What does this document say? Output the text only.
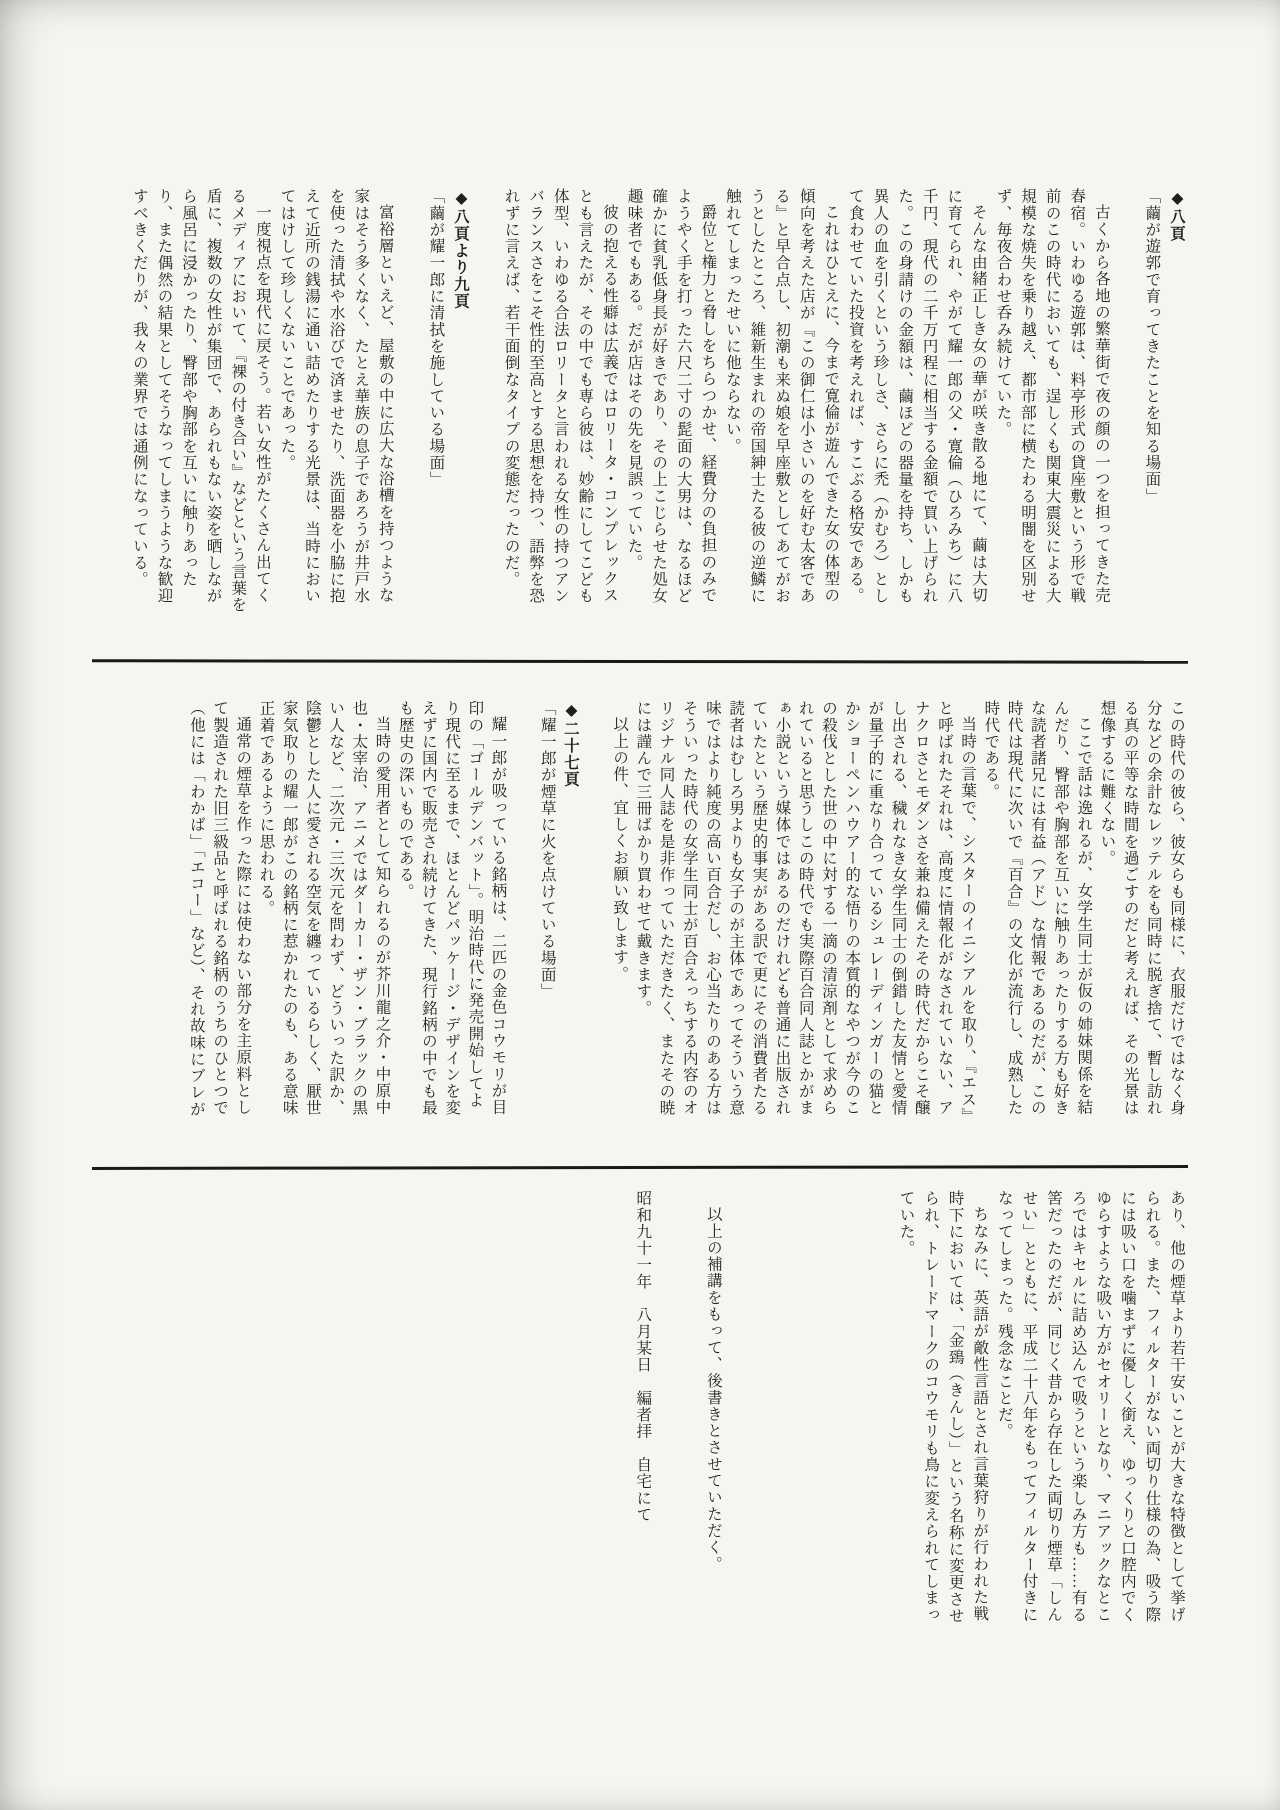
◆八頁

「繭が遊郭で育ってきたことを知る場面」

古くから各地の繁華街で夜の顔の一つを担ってきた売春宿。いわゆる遊郭は、料亭形式の貸座敷という形で戦前のこの時代においても、逞しくも関東大震災による大規模な焼失を乗り越え、都市部に横たわる明闇を区別せず、毎夜合わせ呑み続けていた。

そんな由緒正しき女の華が咲き散る地にて、繭は大切に育てられ、やがて耀一郎の父・寛倫（ひろみち）に八千円、現代の二千万円程に相当する金額で買い上げられた。この身請けの金額は、繭ほどの器量を持ち、しかも異人の血を引くという珍しさ、さらに禿（かむろ）として食わせていた投資を考えれば、すこぶる格安である。

これはひとえに、今まで寛倫が遊んできた女の体型の傾向を考えた店が『この御仁は小さいのを好む太客である』と早合点し、初潮も来ぬ娘を早座敷としてあてがおうとしたところ、維新生まれの帝国紳士たる彼の逆鱗に触れてしまったせいに他ならない。

爵位と権力と脅しをちらつかせ、経費分の負担のみでようやく手を打った六尺二寸の髭面の大男は、なるほど確かに貧乳低身長が好きであり、その上こじらせた処女趣味者でもある。だが店はその先を見誤っていた。

彼の抱える性癖は広義ではロリータ・コンプレックスとも言えたが、その中でも専ら彼は、妙齢にしてこども体型、いわゆる合法ロリータと言われる女性の持つアンバランスさをこそ性的至高とする思想を持つ、語弊を恐れずに言えば、若干面倒なタイプの変態だったのだ。

◆八頁より九頁

「繭が耀一郎に清拭を施している場面」

富裕層といえど、屋敷の中に広大な浴槽を持つような家はそう多くなく、たとえ華族の息子であろうが井戸水を使った清拭や水浴びで済ませたり、洗面器を小脇に抱えて近所の銭湯に通い詰めたりする光景は、当時においてはけして珍しくないことであった。

一度視点を現代に戻そう。若い女性がたくさん出てくるメディアにおいて、『裸の付き合い』などという言葉を盾に、複数の女性が集団で、あられもない姿を晒しながら風呂に浸かったり、臀部や胸部を互いに触りあったり、また偶然の結果としてそうなってしまうような歓迎すべきくだりが、我々の業界では通例になっている。

この時代の彼ら、彼女らも同様に、衣服だけではなく身分などの余計なレッテルをも同時に脱ぎ捨て、暫し訪れる真の平等な時間を過ごすのだと考えれば、その光景は想像するに難くない。

ここで話は逸れるが、女学生同士が仮の姉妹関係を結んだり、臀部や胸部を互いに触りあったりする方も好きな読者諸兄には有益（アド）な情報であるのだが、この時代は現代に次いで『百合』の文化が流行し、成熟した時代である。

当時の言葉で、シスターのイニシアルを取り、『エス』と呼ばれたそれは、高度に情報化がなされていない、アナクロさとモダンさを兼ね備えたその時代だからこそ醸し出される、穢れなき女学生同士の倒錯した友情と愛情が量子的に重なり合っているシュレーディンガーの猫とかショーペンハウアー的な悟りの本質的なやつが今のこの殺伐とした世の中に対する一滴の清涼剤として求められていると思うしこの時代でも実際百合同人誌とかがまぁ小説という媒体ではあるのだけれども普通に出版されていたという歴史的事実がある訳で更にその消費者たる読者はむしろ男よりも女子のが主体であってそういう意味ではより純度の高い百合だし、お心当たりのある方はそういった時代の女学生同士が百合えっちする内容のオリジナル同人誌を是非作っていただきたく、またその暁には謹んで三冊ばかり買わせて戴きます。

以上の件、宜しくお願い致します。

◆二十七頁

「耀一郎が煙草に火を点けている場面」

耀一郎が吸っている銘柄は、二匹の金色コウモリが目印の「ゴールデンバット」。明治時代に発売開始してより現代に至るまで、ほとんどパッケージ・デザインを変えずに国内で販売され続けてきた、現行銘柄の中でも最も歴史の深いものである。

当時の愛用者として知られるのが芥川龍之介・中原中也・太宰治、アニメではダーカー・ザン・ブラックの黒い人など、二次元・三次元を問わず、どういった訳か、陰鬱とした人に愛される空気を纏っているらしく、厭世家気取りの耀一郎がこの銘柄に惹かれたのも、ある意味正着であるように思われる。

通常の煙草を作った際には使わない部分を主原料として製造された旧三級品と呼ばれる銘柄のうちのひとつで（他には「わかば」「エコー」など）、それ故味にブレが

あり、他の煙草より若干安いことが大きな特徴として挙げられる。また、フィルターがない両切り仕様の為、吸う際には吸い口を噛まずに優しく銜え、ゆっくりと口腔内でくゆらすような吸い方がセオリーとなり、マニアックなところではキセルに詰め込んで吸うという楽しみ方も……有る筈だったのだが、同じく昔から存在した両切り煙草「しんせい」とともに、平成二十八年をもってフィルター付きになってしまった。残念なことだ。

ちなみに、英語が敵性言語とされ言葉狩りが行われた戦時下においては、「金鵄（きんし）」という名称に変更させられ、トレードマークのコウモリも鳥に変えられてしまっていた。

以上の補講をもって、後書きとさせていただく。

昭和九十一年　八月某日　編者拝　自宅にて
